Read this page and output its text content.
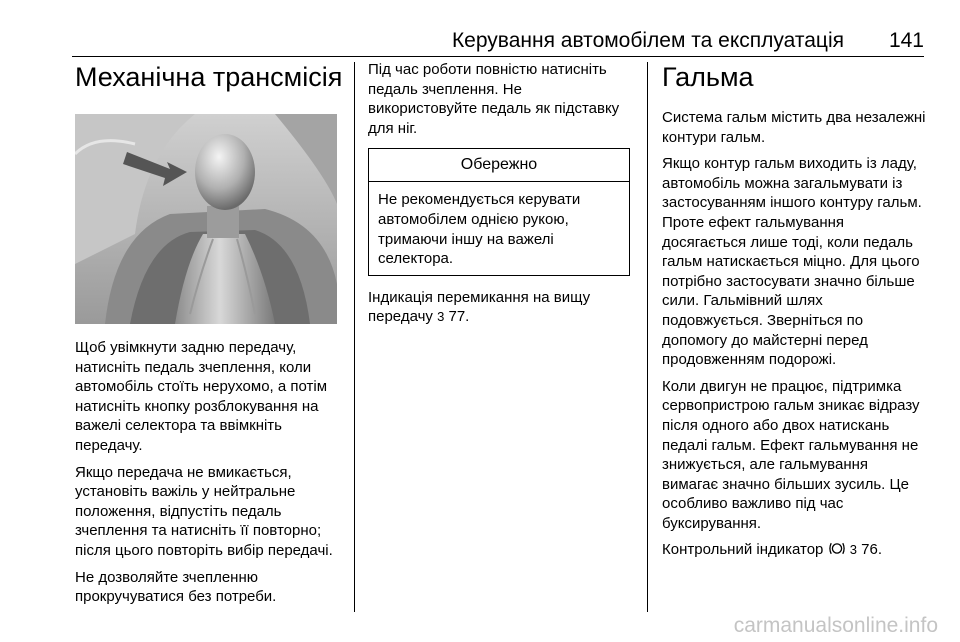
Керування автомобілем та експлуатація 141
Механічна трансмісія

Щоб увімкнути задню передачу, натисніть педаль зчеплення, коли автомобіль стоїть нерухомо, а потім натисніть кнопку розблокування на важелі селектора та ввімкніть передачу.

Якщо передача не вмикається, установіть важіль у нейтральне положення, відпустіть педаль зчеплення та натисніть її повторно; після цього повторіть вибір передачі.

Не дозволяйте зчепленню прокручуватися без потреби.

Під час роботи повністю натисніть педаль зчеплення. Не використовуйте педаль як підставку для ніг.

Обережно

Не рекомендується керувати автомобілем однією рукою, тримаючи іншу на важелі селектора.

Індикація перемикання на вищу передачу 3 77.

Гальма

Система гальм містить два незалежні контури гальм.

Якщо контур гальм виходить із ладу, автомобіль можна загальмувати із застосуванням іншого контуру гальм. Проте ефект гальмування досягається лише тоді, коли педаль гальм натискається міцно. Для цього потрібно застосувати значно більше сили. Гальмівний шлях подовжується. Зверніться по допомогу до майстерні перед продовженням подорожі.

Коли двигун не працює, підтримка сервопристрою гальм зникає відразу після одного або двох натискань педалі гальм. Ефект гальмування не знижується, але гальмування вимагає значно більших зусиль. Це особливо важливо під час буксирування.

Контрольний індикатор 3 76.

carmanualsonline.info
